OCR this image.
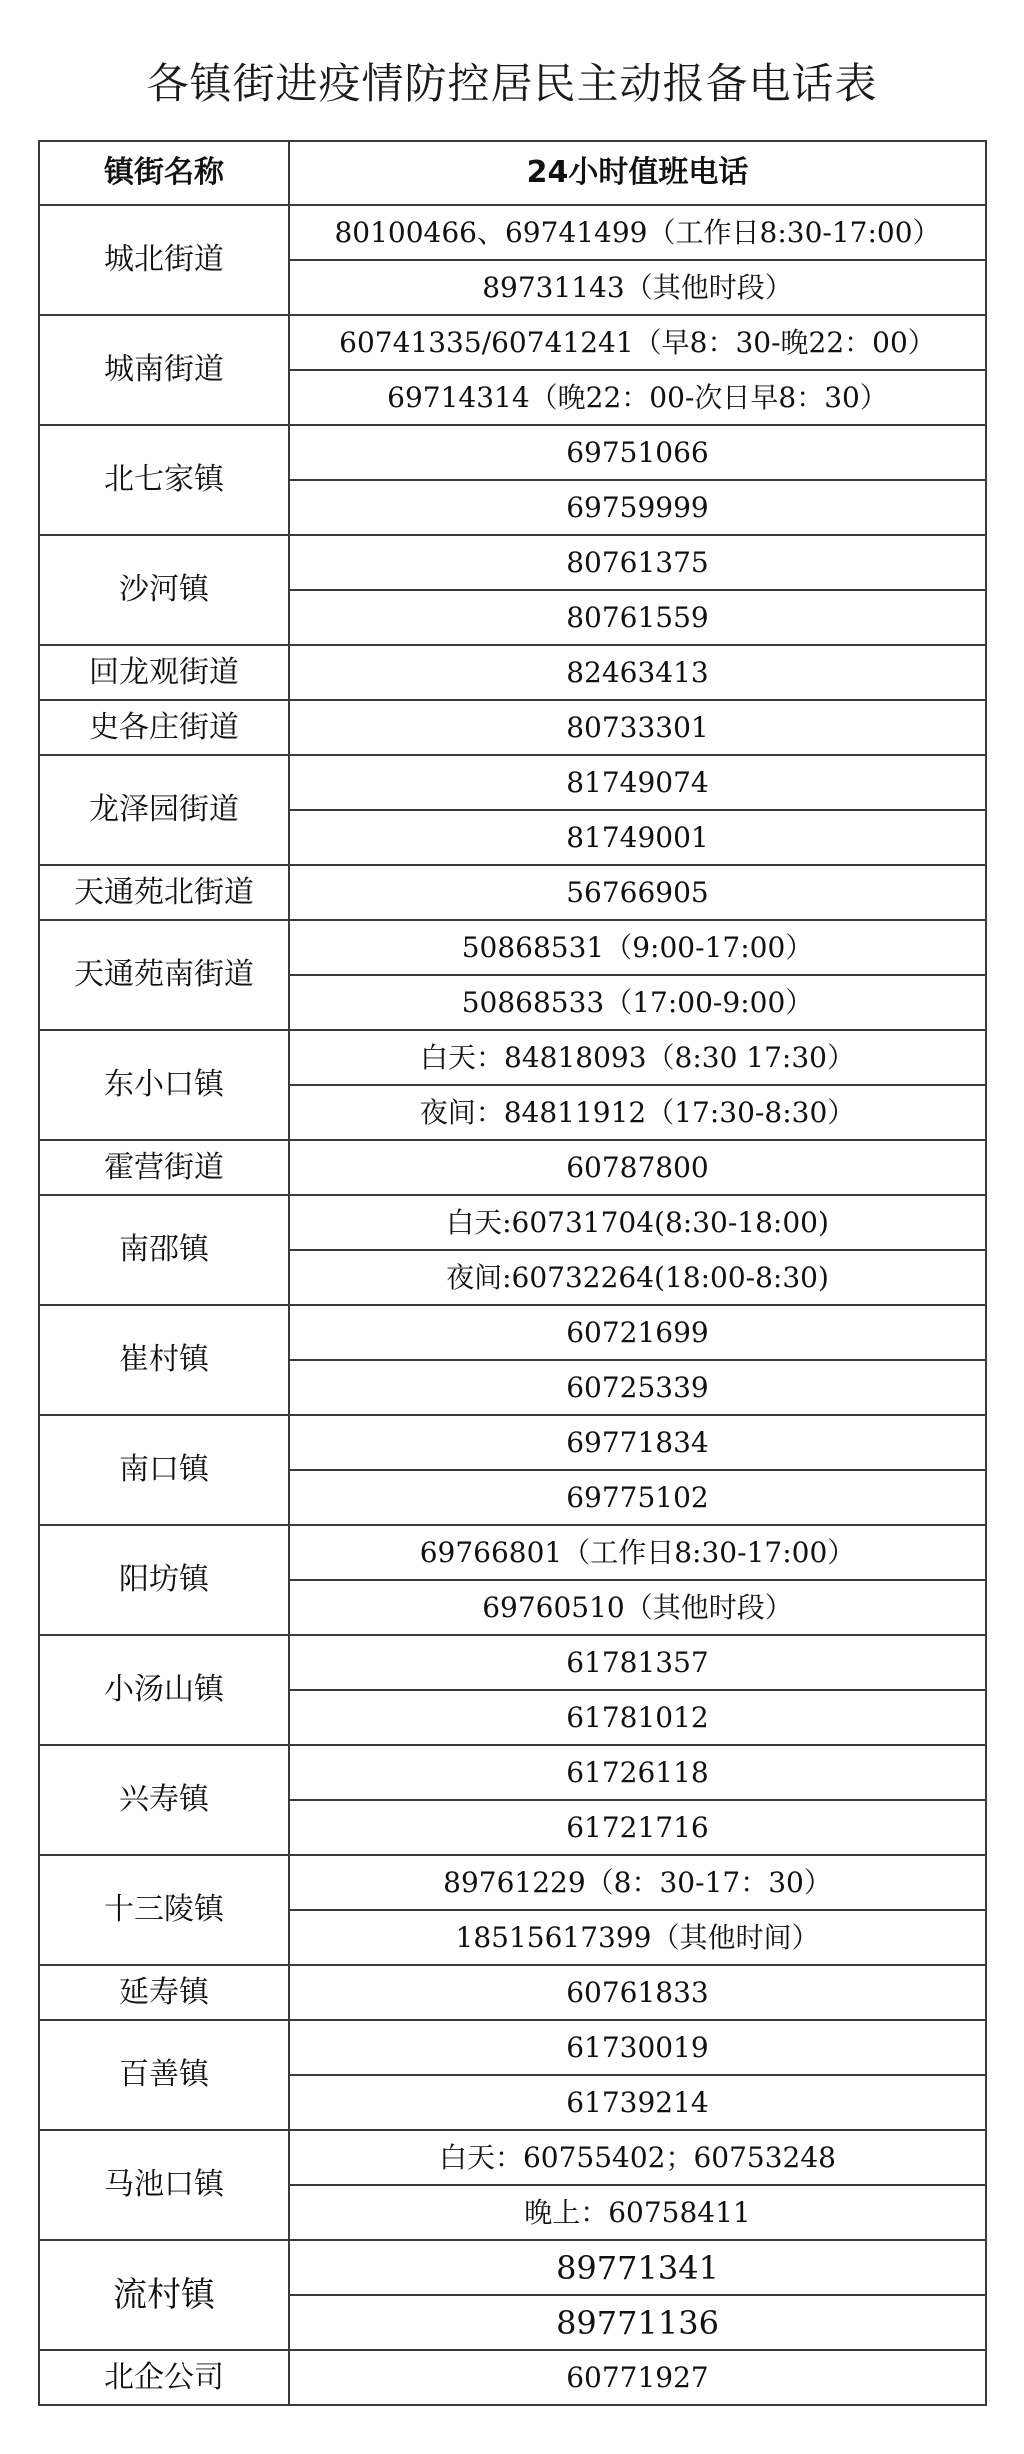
各镇街进疫情防控居民主动报备电话表
镇街名称	24小时值班电话
城北街道	80100466、69741499（工作日8:30-17:00）
	89731143（其他时段）
城南街道	60741335/60741241（早8：30-晚22：00）
	69714314（晚22：00-次日早8：30）
北七家镇	69751066
	69759999
沙河镇	80761375
	80761559
回龙观街道	82463413
史各庄街道	80733301
龙泽园街道	81749074
	81749001
天通苑北街道	56766905
天通苑南街道	50868531（9:00-17:00）
	50868533（17:00-9:00）
东小口镇	白天：84818093（8:30 17:30）
	夜间：84811912（17:30-8:30）
霍营街道	60787800
南邵镇	白天:60731704(8:30-18:00)
	夜间:60732264(18:00-8:30)
崔村镇	60721699
	60725339
南口镇	69771834
	69775102
阳坊镇	69766801（工作日8:30-17:00）
	69760510（其他时段）
小汤山镇	61781357
	61781012
兴寿镇	61726118
	61721716
十三陵镇	89761229（8：30-17：30）
	18515617399（其他时间）
延寿镇	60761833
百善镇	61730019
	61739214
马池口镇	白天：60755402；60753248
	晚上：60758411
流村镇	89771341
	89771136
北企公司	60771927
